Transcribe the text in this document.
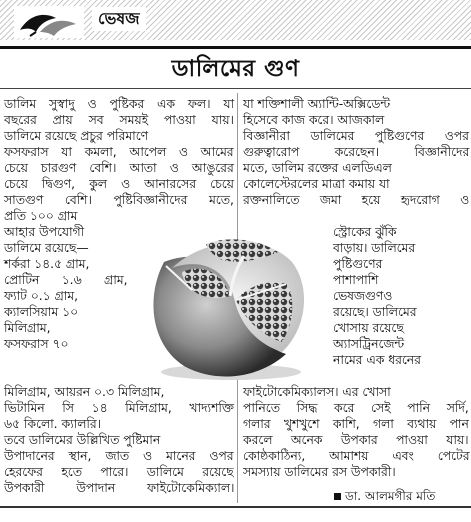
ভেষজ
ডালিমের গুণ
ডালিম সুস্বাদু ও পুষ্টিকর এক ফল। যা
বছরের প্রায় সব সময়ই পাওয়া যায়।
ডালিমে রয়েছে প্রচুর পরিমাণে
ফসফরাস যা কমলা, আপেল ও আমের
চেয়ে চারগুণ বেশি। আতা ও আঙুরের
চেয়ে দ্বিগুণ, কুল ও আনারসের চেয়ে
সাতগুণ বেশি। পুষ্টিবিজ্ঞানীদের মতে,
প্রতি ১০০ গ্রাম
আহার উপযোগী
ডালিমে রয়েছে—
শর্করা ১৪.৫ গ্রাম,
প্রোটিন ১.৬ গ্রাম,
ফ্যাট ০.১ গ্রাম,
ক্যালসিয়াম ১০
মিলিগ্রাম,
ফসফরাস ৭০
মিলিগ্রাম, আয়রন ০.৩ মিলিগ্রাম,
ভিটামিন সি ১৪ মিলিগ্রাম, খাদ্যশক্তি
৬৫ কিলো. ক্যালরি।
তবে ডালিমের উল্লিখিত পুষ্টিমান
উপাদানের স্থান, জাত ও মানের ওপর
হেরফের হতে পারে। ডালিমে রয়েছে
উপকারী উপাদান ফাইটোকেমিক্যাল।
যা শক্তিশালী অ্যান্টি-অক্সিডেন্ট
হিসেবে কাজ করে। আজকাল
বিজ্ঞানীরা ডালিমের পুষ্টিগুণের ওপর
গুরুত্বারোপ করেছেন। বিজ্ঞানীদের
মতে, ডালিম রক্তের এলডিএল
কোলেস্টেরলের মাত্রা কমায় যা
রক্তনালিতে জমা হয়ে হৃদরোগ ও
স্ট্রোকের ঝুঁকি
বাড়ায়। ডালিমের
পুষ্টিগুণের
পাশাপাশি
ভেষজগুণও
রয়েছে। ডালিমের
খোসায় রয়েছে
অ্যাসট্রিনজেন্ট
নামের এক ধরনের
ফাইটোকেমিক্যালস। এর খোসা
পানিতে সিদ্ধ করে সেই পানি সর্দি,
গলার খুশখুশে কাশি, গলা ব্যথায় পান
করলে অনেক উপকার পাওয়া যায়।
কোষ্ঠকাঠিন্য, আমাশয় এবং পেটের
সমস্যায় ডালিমের রস উপকারী।
ডা. আলমগীর মতি
